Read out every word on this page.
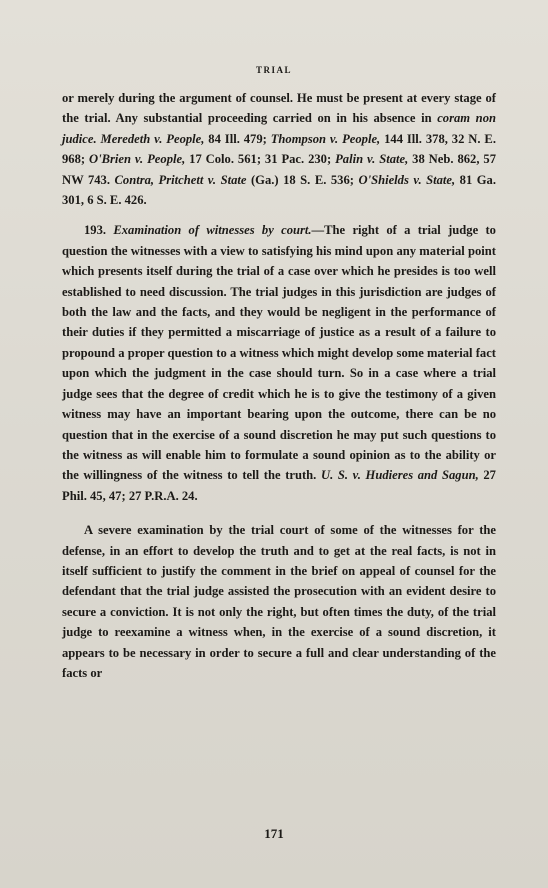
TRIAL

or merely during the argument of counsel. He must be present at every stage of the trial. Any substantial proceeding carried on in his absence in coram non judice. Meredeth v. People, 84 Ill. 479; Thompson v. People, 144 Ill. 378, 32 N. E. 968; O'Brien v. People, 17 Colo. 561; 31 Pac. 230; Palin v. State, 38 Neb. 862, 57 NW 743. Contra, Pritchett v. State (Ga.) 18 S. E. 536; O'Shields v. State, 81 Ga. 301, 6 S. E. 426.

193. Examination of witnesses by court.—The right of a trial judge to question the witnesses with a view to satisfying his mind upon any material point which presents itself during the trial of a case over which he presides is too well established to need discussion. The trial judges in this jurisdiction are judges of both the law and the facts, and they would be negligent in the performance of their duties if they permitted a miscarriage of justice as a result of a failure to propound a proper question to a witness which might develop some material fact upon which the judgment in the case should turn. So in a case where a trial judge sees that the degree of credit which he is to give the testimony of a given witness may have an important bearing upon the outcome, there can be no question that in the exercise of a sound discretion he may put such questions to the witness as will enable him to formulate a sound opinion as to the ability or the willingness of the witness to tell the truth. U. S. v. Hudieres and Sagun, 27 Phil. 45, 47; 27 P.R.A. 24.

A severe examination by the trial court of some of the witnesses for the defense, in an effort to develop the truth and to get at the real facts, is not in itself sufficient to justify the comment in the brief on appeal of counsel for the defendant that the trial judge assisted the prosecution with an evident desire to secure a conviction. It is not only the right, but often times the duty, of the trial judge to reexamine a witness when, in the exercise of a sound discretion, it appears to be necessary in order to secure a full and clear understanding of the facts or

171
